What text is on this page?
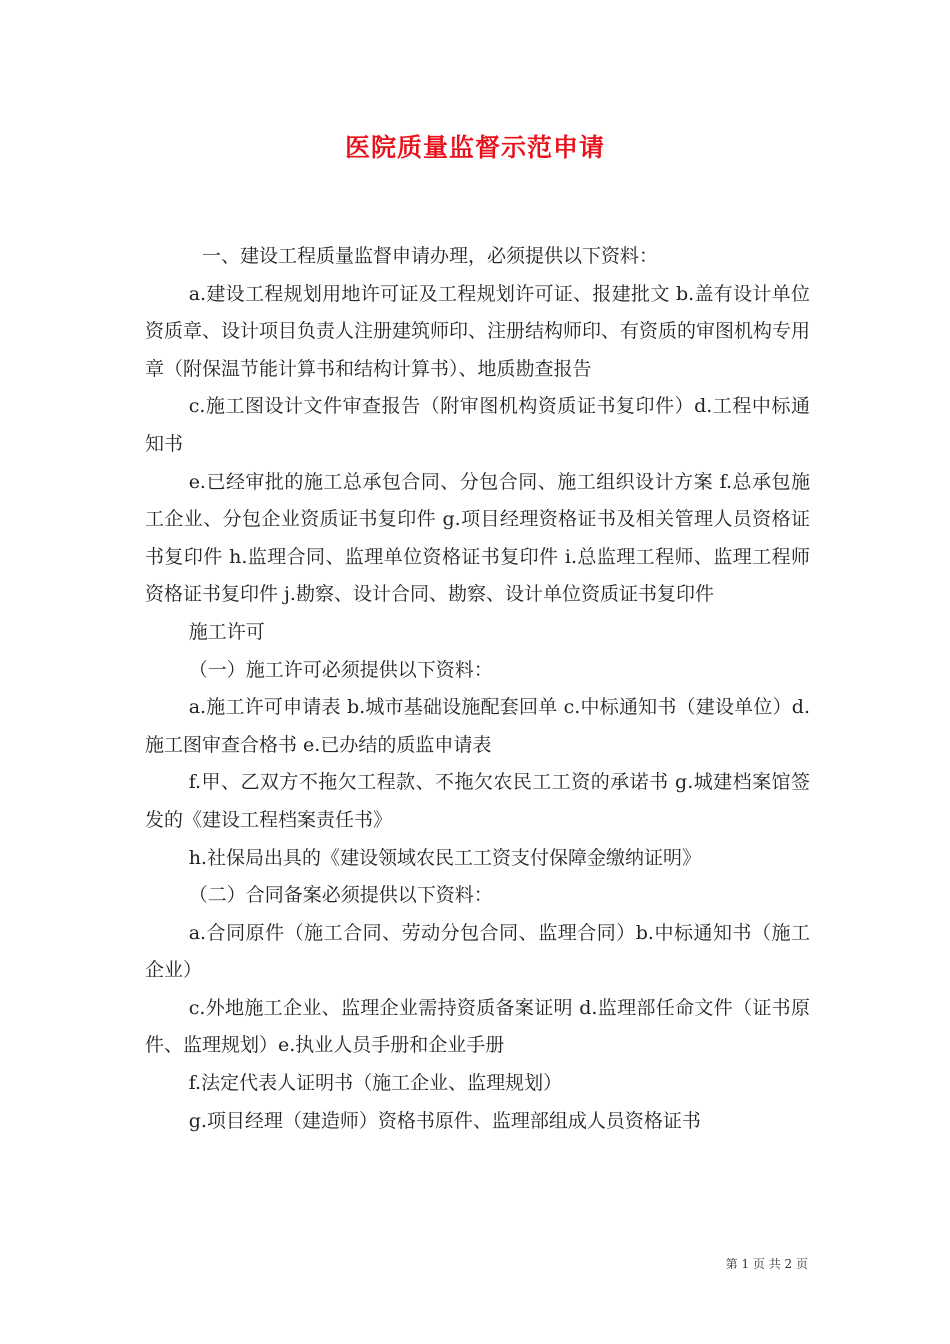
医院质量监督示范申请

一、建设工程质量监督申请办理，必须提供以下资料：

a.建设工程规划用地许可证及工程规划许可证、报建批文 b.盖有设计单位资质章、设计项目负责人注册建筑师印、注册结构师印、有资质的审图机构专用章（附保温节能计算书和结构计算书）、地质勘查报告

c.施工图设计文件审查报告（附审图机构资质证书复印件）d.工程中标通知书

e.已经审批的施工总承包合同、分包合同、施工组织设计方案 f.总承包施工企业、分包企业资质证书复印件 g.项目经理资格证书及相关管理人员资格证书复印件 h.监理合同、监理单位资格证书复印件 i.总监理工程师、监理工程师资格证书复印件 j.勘察、设计合同、勘察、设计单位资质证书复印件

施工许可

（一）施工许可必须提供以下资料：

a.施工许可申请表 b.城市基础设施配套回单 c.中标通知书（建设单位）d.施工图审查合格书 e.已办结的质监申请表

f.甲、乙双方不拖欠工程款、不拖欠农民工工资的承诺书 g.城建档案馆签发的《建设工程档案责任书》

h.社保局出具的《建设领域农民工工资支付保障金缴纳证明》

（二）合同备案必须提供以下资料：

a.合同原件（施工合同、劳动分包合同、监理合同）b.中标通知书（施工企业）

c.外地施工企业、监理企业需持资质备案证明 d.监理部任命文件（证书原件、监理规划）e.执业人员手册和企业手册

f.法定代表人证明书（施工企业、监理规划）

g.项目经理（建造师）资格书原件、监理部组成人员资格证书

第 1 页 共 2 页
